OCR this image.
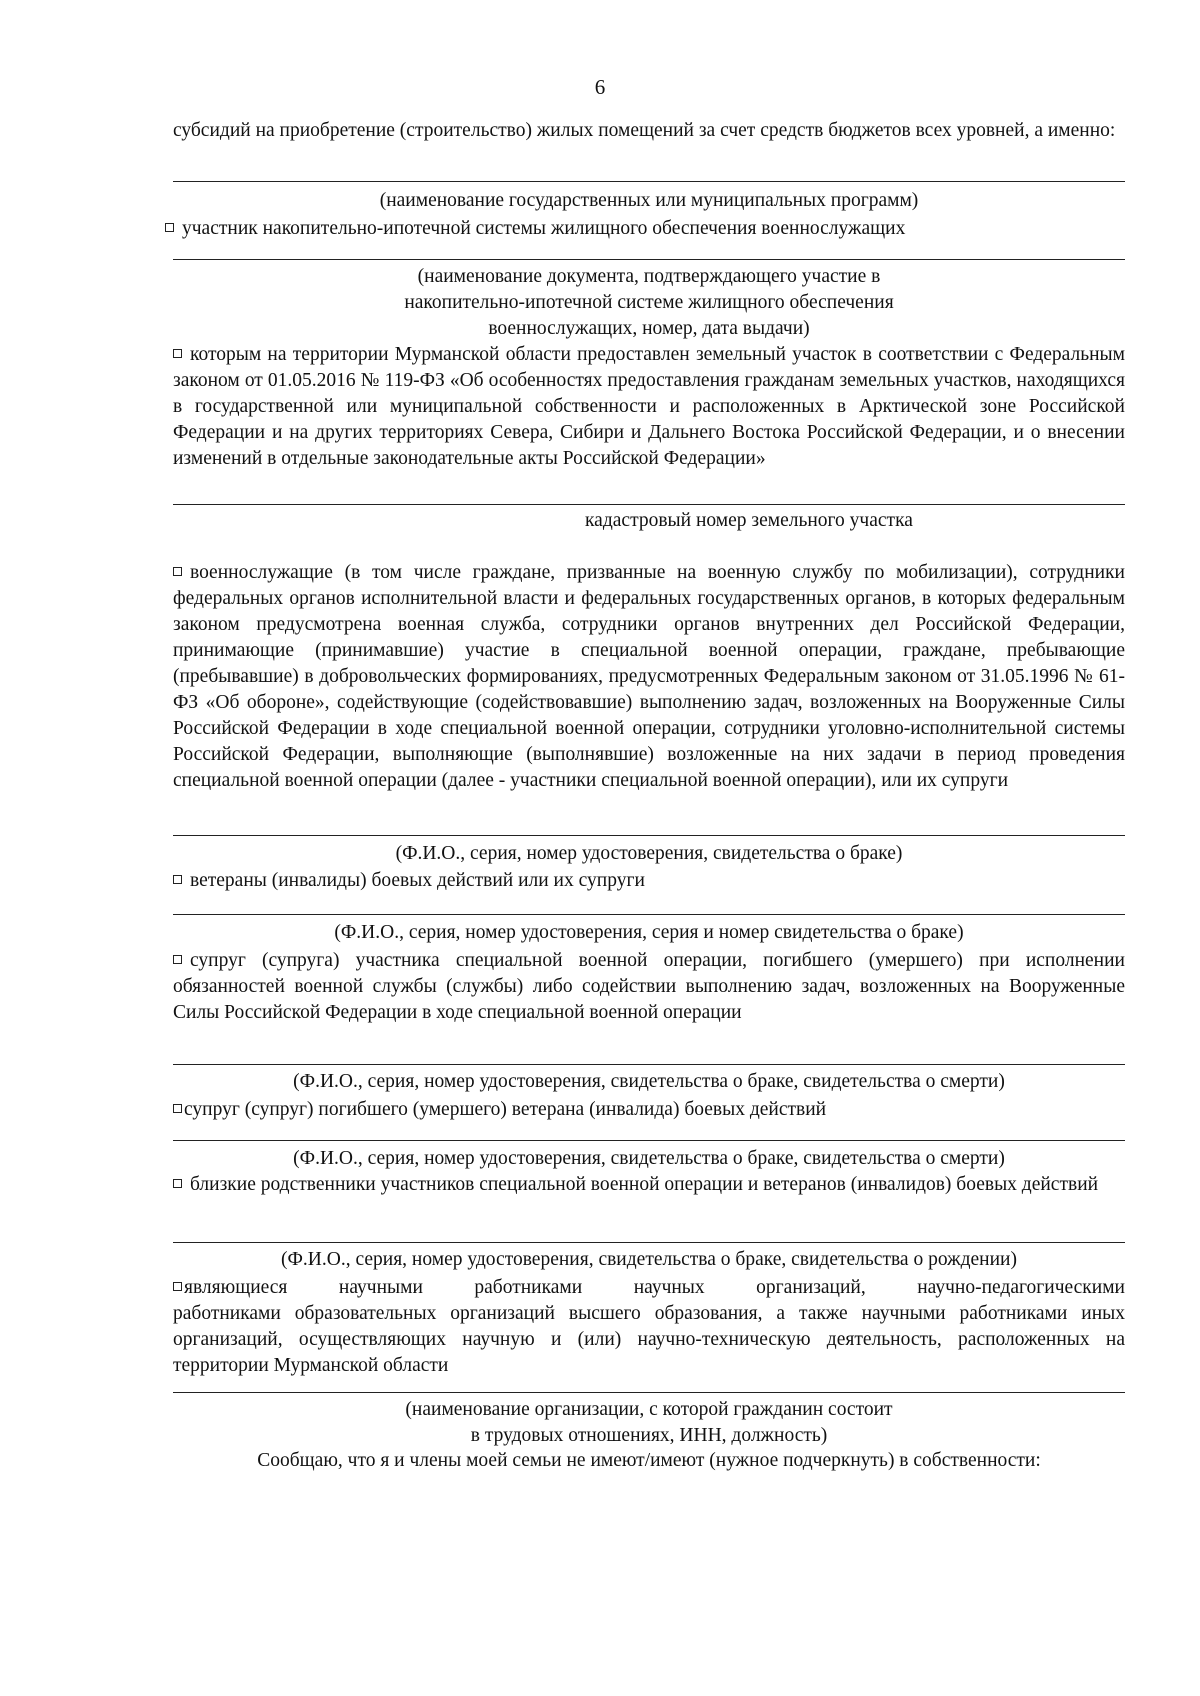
6

субсидий на приобретение (строительство) жилых помещений за счет средств бюджетов всех уровней, а именно:

(наименование государственных или муниципальных программ)

участник накопительно-ипотечной системы жилищного обеспечения военнослужащих

(наименование документа, подтверждающего участие в
накопительно-ипотечной системе жилищного обеспечения
военнослужащих, номер, дата выдачи)

которым на территории Мурманской области предоставлен земельный участок в соответствии с Федеральным законом от 01.05.2016 № 119-ФЗ «Об особенностях предоставления гражданам земельных участков, находящихся в государственной или муниципальной собственности и расположенных в Арктической зоне Российской Федерации и на других территориях Севера, Сибири и Дальнего Востока Российской Федерации, и о внесении изменений в отдельные законодательные акты Российской Федерации»

кадастровый номер земельного участка

военнослужащие (в том числе граждане, призванные на военную службу по мобилизации), сотрудники федеральных органов исполнительной власти и федеральных государственных органов, в которых федеральным законом предусмотрена военная служба, сотрудники органов внутренних дел Российской Федерации, принимающие (принимавшие) участие в специальной военной операции, граждане, пребывающие (пребывавшие) в добровольческих формированиях, предусмотренных Федеральным законом от 31.05.1996 № 61-ФЗ «Об обороне», содействующие (содействовавшие) выполнению задач, возложенных на Вооруженные Силы Российской Федерации в ходе специальной военной операции, сотрудники уголовно-исполнительной системы Российской Федерации, выполняющие (выполнявшие) возложенные на них задачи в период проведения специальной военной операции (далее - участники специальной военной операции), или их супруги

(Ф.И.О., серия, номер удостоверения, свидетельства о браке)

ветераны (инвалиды) боевых действий или их супруги

(Ф.И.О., серия, номер удостоверения, серия и номер свидетельства о браке)

супруг (супруга) участника специальной военной операции, погибшего (умершего) при исполнении обязанностей военной службы (службы) либо содействии выполнению задач, возложенных на Вооруженные Силы Российской Федерации в ходе специальной военной операции

(Ф.И.О., серия, номер удостоверения, свидетельства о браке, свидетельства о смерти)

супруг (супруг) погибшего (умершего) ветерана (инвалида) боевых действий

(Ф.И.О., серия, номер удостоверения, свидетельства о браке, свидетельства о смерти)

близкие родственники участников специальной военной операции и ветеранов (инвалидов) боевых действий

(Ф.И.О., серия, номер удостоверения, свидетельства о браке, свидетельства о рождении)

являющиеся	научными	работниками	научных	организаций,	научно-педагогическими
работниками образовательных организаций высшего образования, а также научными работниками иных организаций, осуществляющих научную и (или) научно-техническую деятельность, расположенных на территории Мурманской области
(наименование организации, с которой гражданин состоит
в трудовых отношениях, ИНН, должность)

Сообщаю, что я и члены моей семьи не имеют/имеют (нужное подчеркнуть) в собственности:
